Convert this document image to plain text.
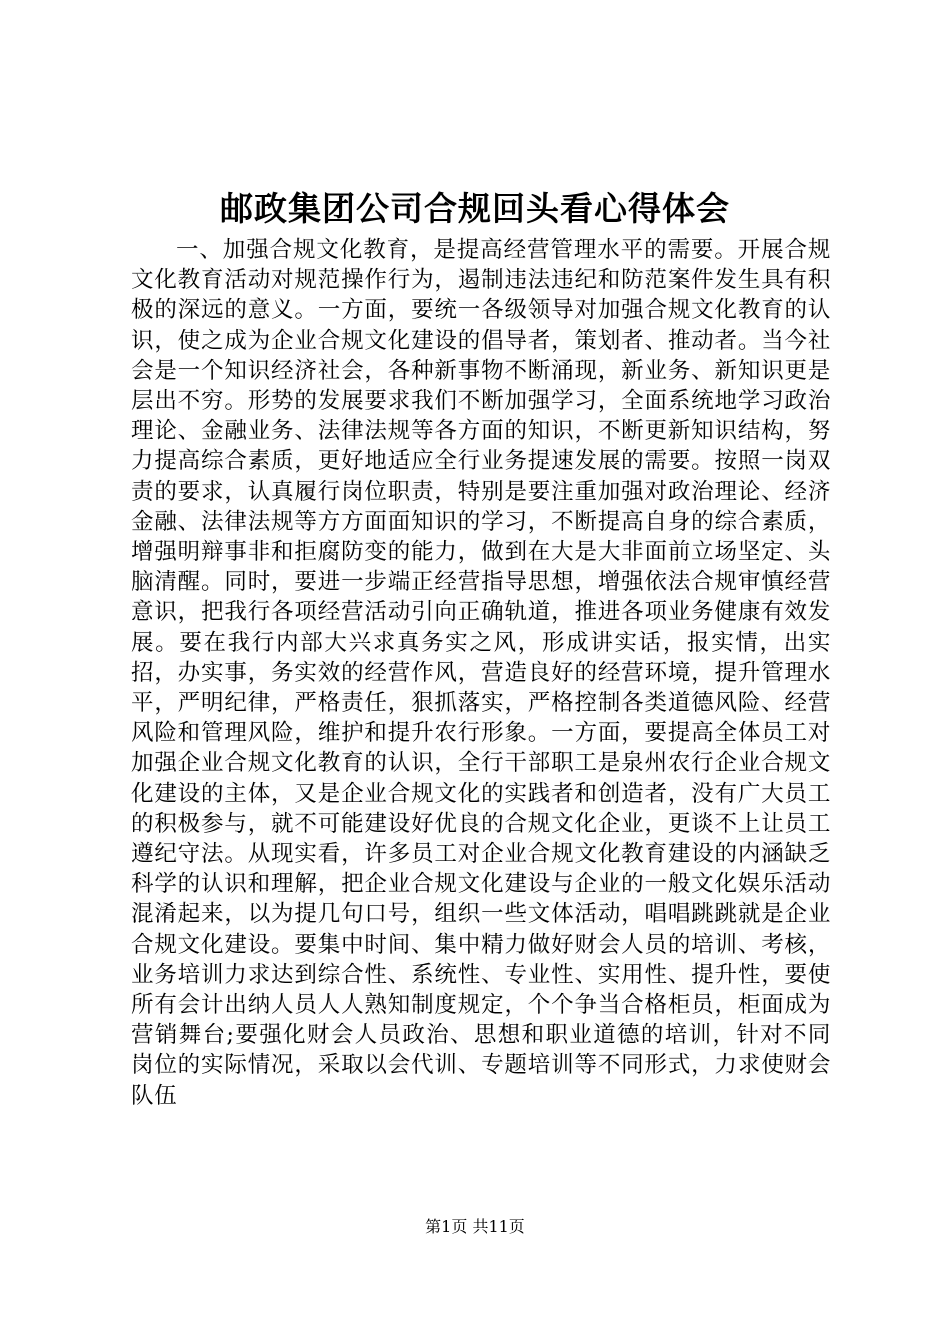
邮政集团公司合规回头看心得体会

一、加强合规文化教育，是提高经营管理水平的需要。开展合规文化教育活动对规范操作行为，遏制违法违纪和防范案件发生具有积极的深远的意义。一方面，要统一各级领导对加强合规文化教育的认识，使之成为企业合规文化建设的倡导者，策划者、推动者。当今社会是一个知识经济社会，各种新事物不断涌现，新业务、新知识更是层出不穷。形势的发展要求我们不断加强学习，全面系统地学习政治理论、金融业务、法律法规等各方面的知识，不断更新知识结构，努力提高综合素质，更好地适应全行业务提速发展的需要。按照一岗双责的要求，认真履行岗位职责，特别是要注重加强对政治理论、经济金融、法律法规等方方面面知识的学习，不断提高自身的综合素质，增强明辩事非和拒腐防变的能力，做到在大是大非面前立场坚定、头脑清醒。同时，要进一步端正经营指导思想，增强依法合规审慎经营意识，把我行各项经营活动引向正确轨道，推进各项业务健康有效发展。要在我行内部大兴求真务实之风，形成讲实话，报实情，出实招，办实事，务实效的经营作风，营造良好的经营环境，提升管理水平，严明纪律，严格责任，狠抓落实，严格控制各类道德风险、经营风险和管理风险，维护和提升农行形象。一方面，要提高全体员工对加强企业合规文化教育的认识，全行干部职工是泉州农行企业合规文化建设的主体，又是企业合规文化的实践者和创造者，没有广大员工的积极参与，就不可能建设好优良的合规文化企业，更谈不上让员工遵纪守法。从现实看，许多员工对企业合规文化教育建设的内涵缺乏科学的认识和理解，把企业合规文化建设与企业的一般文化娱乐活动混淆起来，以为提几句口号，组织一些文体活动，唱唱跳跳就是企业合规文化建设。要集中时间、集中精力做好财会人员的培训、考核，业务培训力求达到综合性、系统性、专业性、实用性、提升性，要使所有会计出纳人员人人熟知制度规定，个个争当合格柜员，柜面成为营销舞台;要强化财会人员政治、思想和职业道德的培训，针对不同岗位的实际情况，采取以会代训、专题培训等不同形式，力求使财会队伍

第1页 共11页
